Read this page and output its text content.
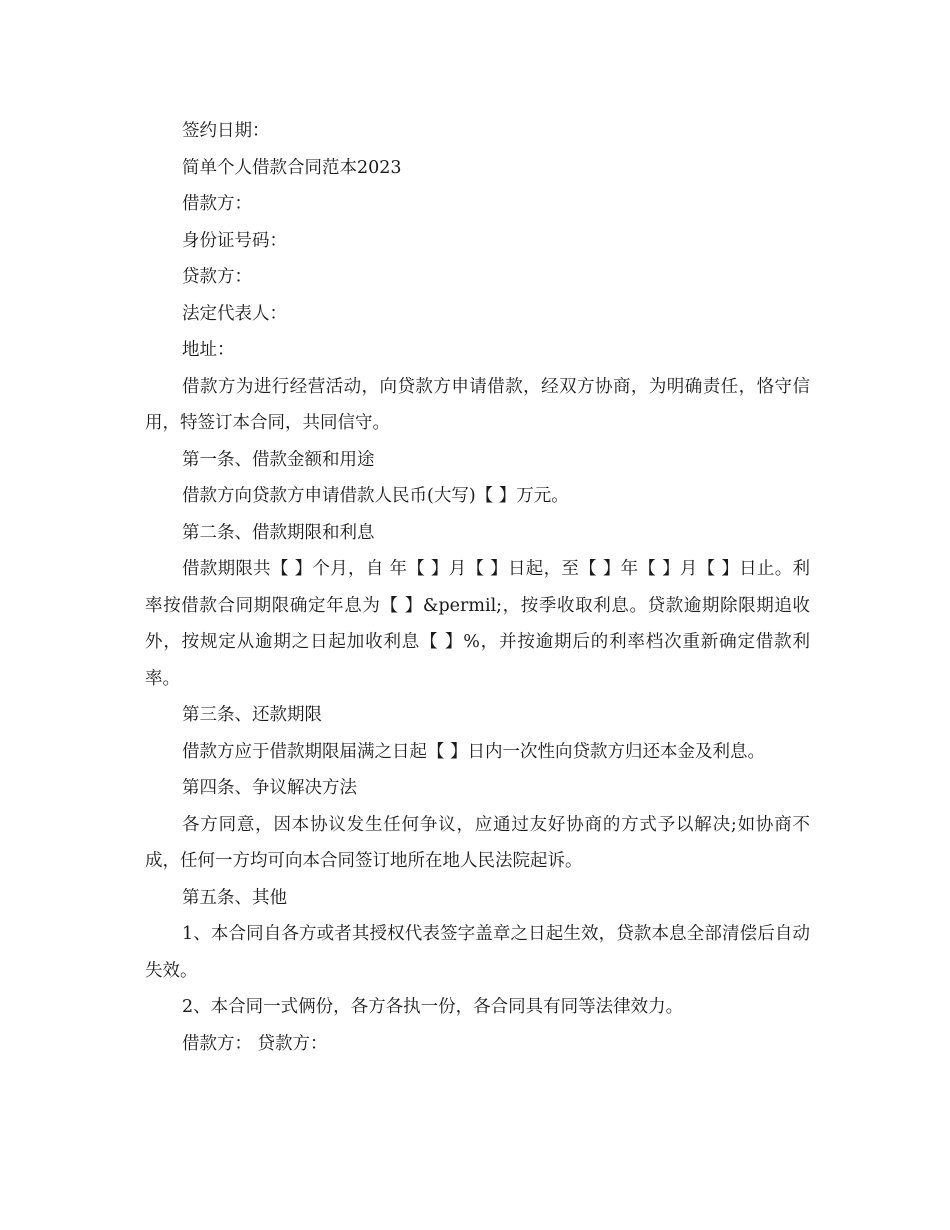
签约日期：

简单个人借款合同范本2023

借款方：

身份证号码：

贷款方：

法定代表人：

地址：

借款方为进行经营活动，向贷款方申请借款，经双方协商，为明确责任，恪守信用，特签订本合同，共同信守。

第一条、借款金额和用途

借款方向贷款方申请借款人民币(大写)【 】万元。

第二条、借款期限和利息

借款期限共【 】个月，自 年【 】月【 】日起，至【 】年【 】月【 】日止。利率按借款合同期限确定年息为【 】&permil;，按季收取利息。贷款逾期除限期追收外，按规定从逾期之日起加收利息【 】%，并按逾期后的利率档次重新确定借款利率。

第三条、还款期限

借款方应于借款期限届满之日起【 】日内一次性向贷款方归还本金及利息。

第四条、争议解决方法

各方同意，因本协议发生任何争议，应通过友好协商的方式予以解决;如协商不成，任何一方均可向本合同签订地所在地人民法院起诉。

第五条、其他

1、本合同自各方或者其授权代表签字盖章之日起生效，贷款本息全部清偿后自动失效。

2、本合同一式俩份，各方各执一份，各合同具有同等法律效力。

借款方： 贷款方：
